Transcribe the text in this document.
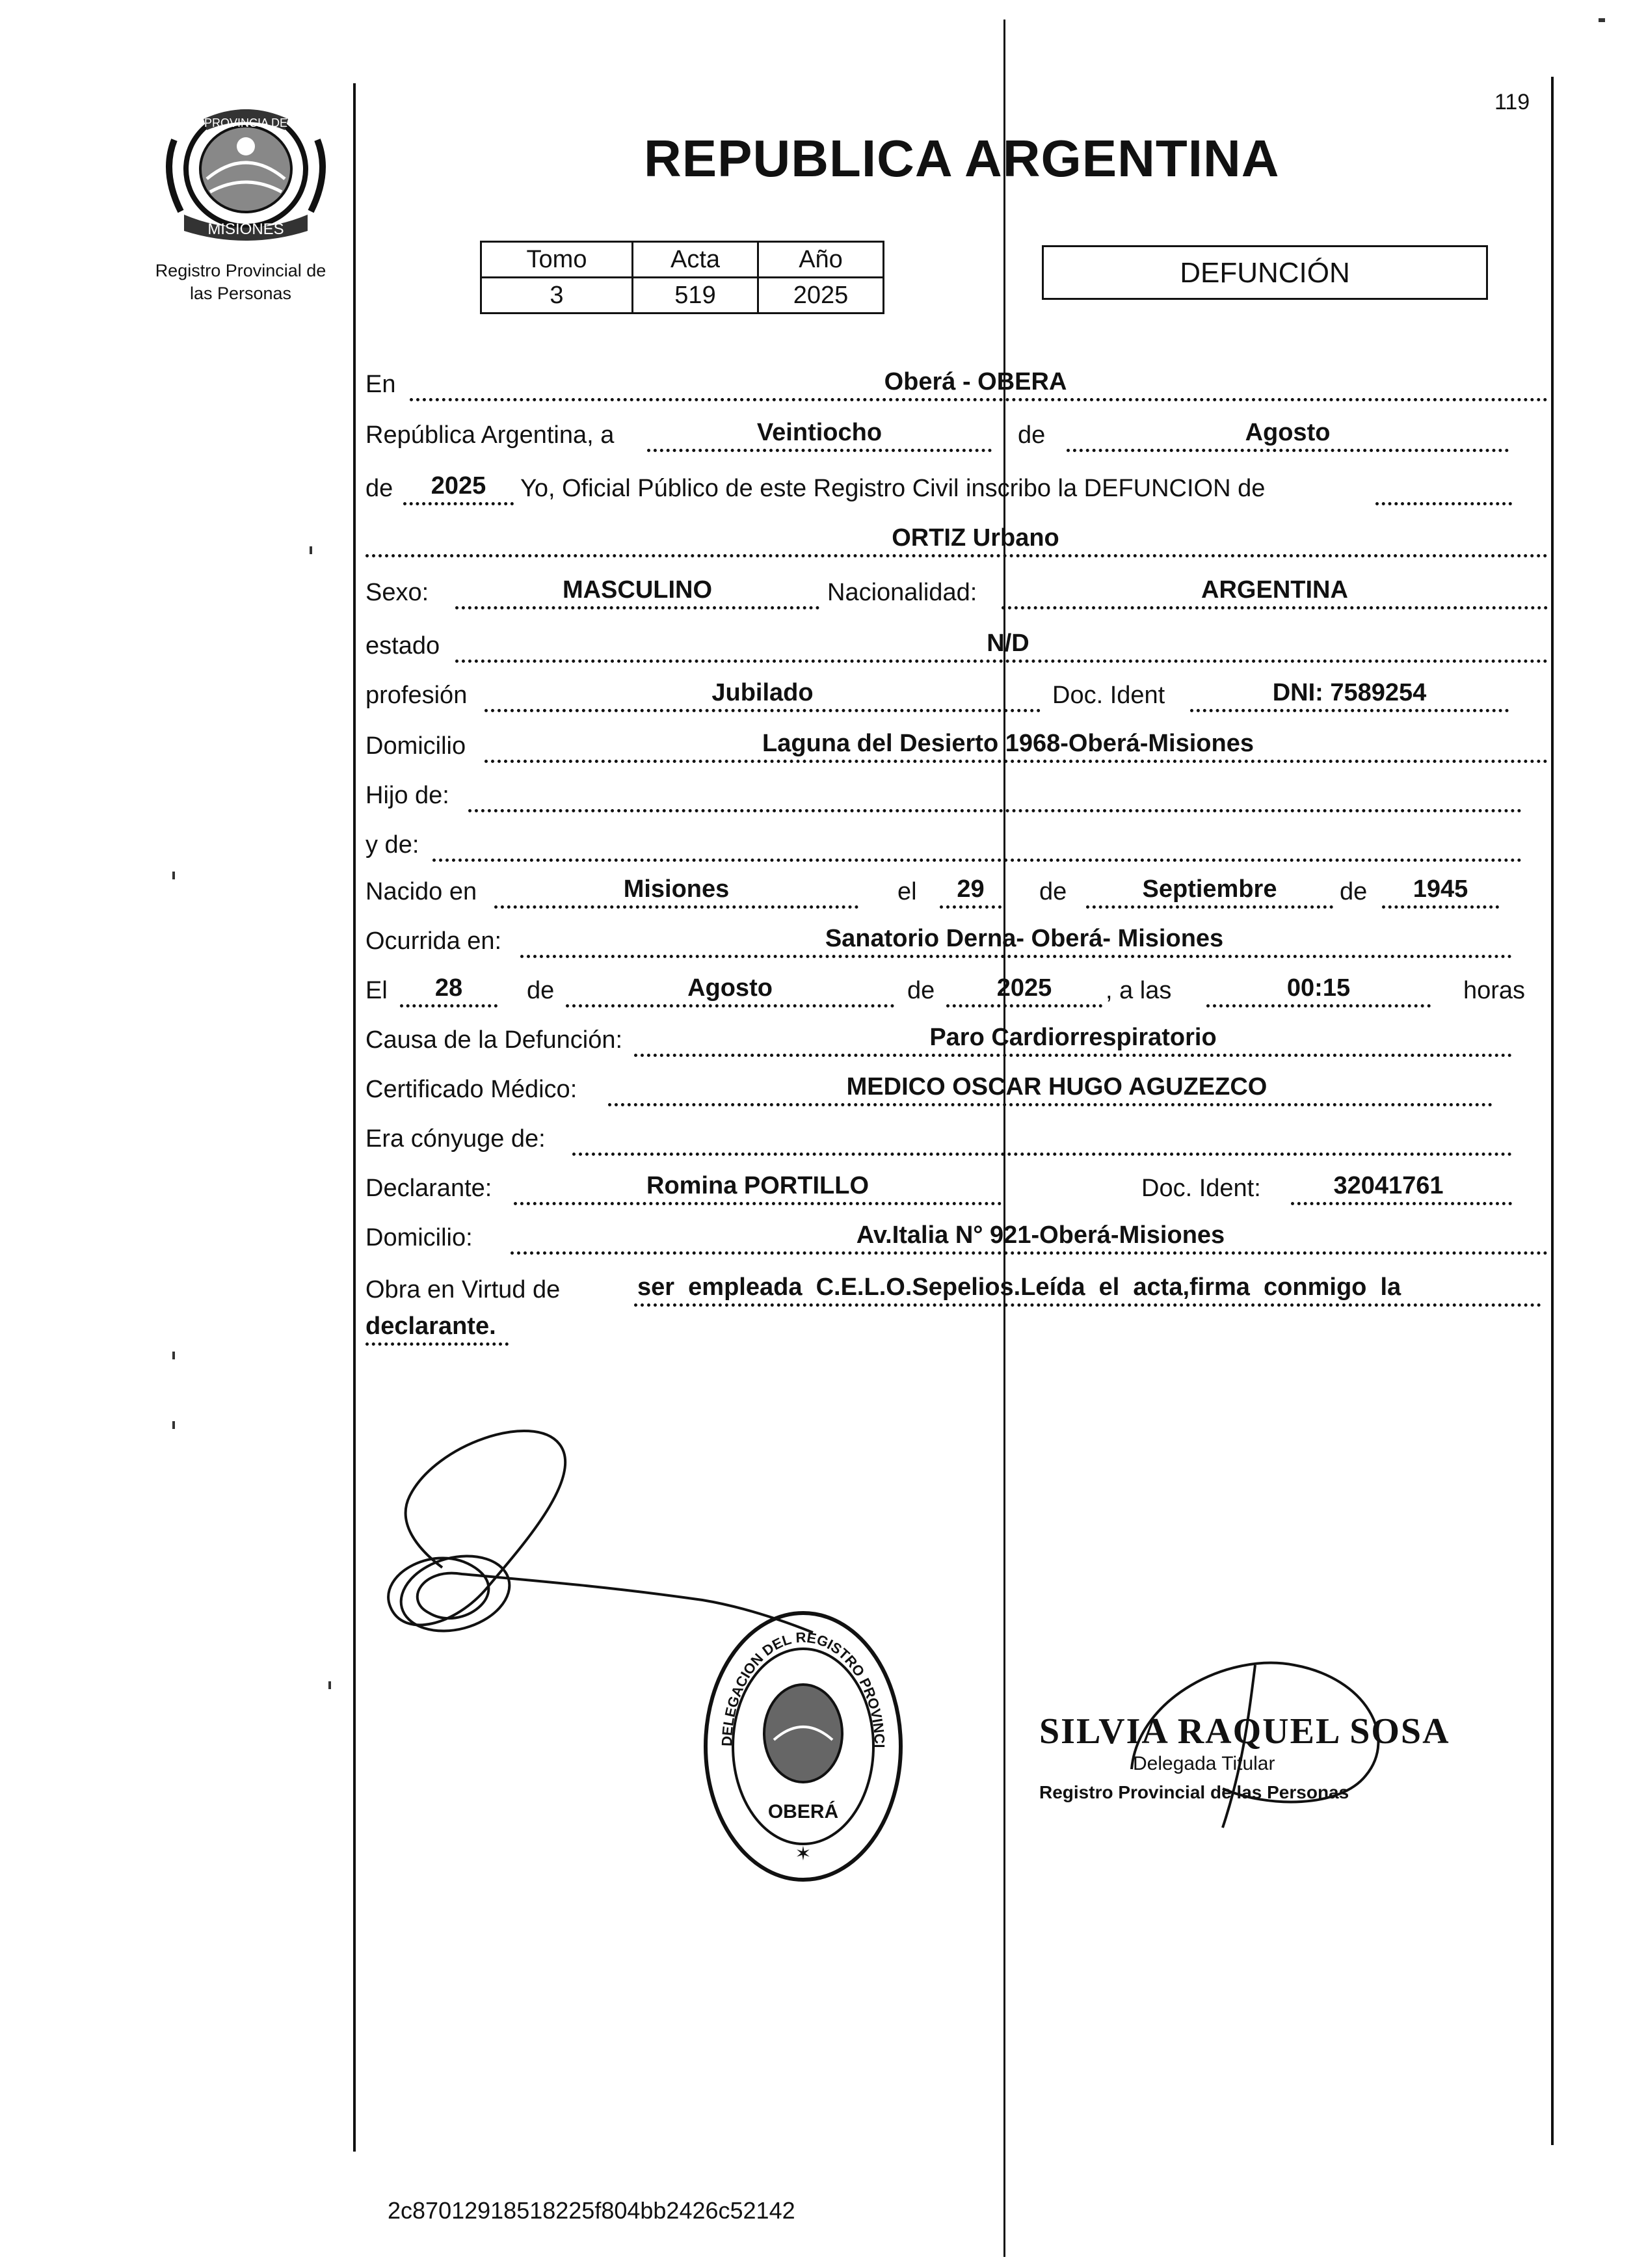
PROVINCIA DE
MISIONES
Registro Provincial de
las Personas
119
REPUBLICA ARGENTINA
Tomo	Acta	Año
3	519	2025
DEFUNCIÓN
En	Oberá - OBERA
República Argentina, a	Veintiocho	de	Agosto
de	2025	Yo, Oficial Público de este Registro Civil inscribo la DEFUNCION de
ORTIZ Urbano
Sexo:	MASCULINO	Nacionalidad:	ARGENTINA
estado	N/D
profesión	Jubilado	Doc. Ident	DNI: 7589254
Domicilio	Laguna del Desierto 1968-Oberá-Misiones
Hijo de:
y de:
Nacido en	Misiones	el	29	de	Septiembre	de	1945
Ocurrida en:	Sanatorio Derna- Oberá- Misiones
El	28	de	Agosto	de	2025	, a las	00:15	horas
Causa de la Defunción:	Paro Cardiorrespiratorio
Certificado Médico:	MEDICO OSCAR HUGO AGUZEZCO
Era cónyuge de:
Declarante:	Romina PORTILLO	Doc. Ident:	32041761
Domicilio:	Av.Italia N° 921-Oberá-Misiones
Obra en Virtud de	ser  empleada  C.E.L.O.Sepelios.Leída  el  acta,firma  conmigo  la
declarante.
DELEGACION DEL REGISTRO PROVINCI
OBERÁ
✶
SILVIA RAQUEL SOSA
Delegada Titular
Registro Provincial de las Personas
2c87012918518225f804bb2426c52142
